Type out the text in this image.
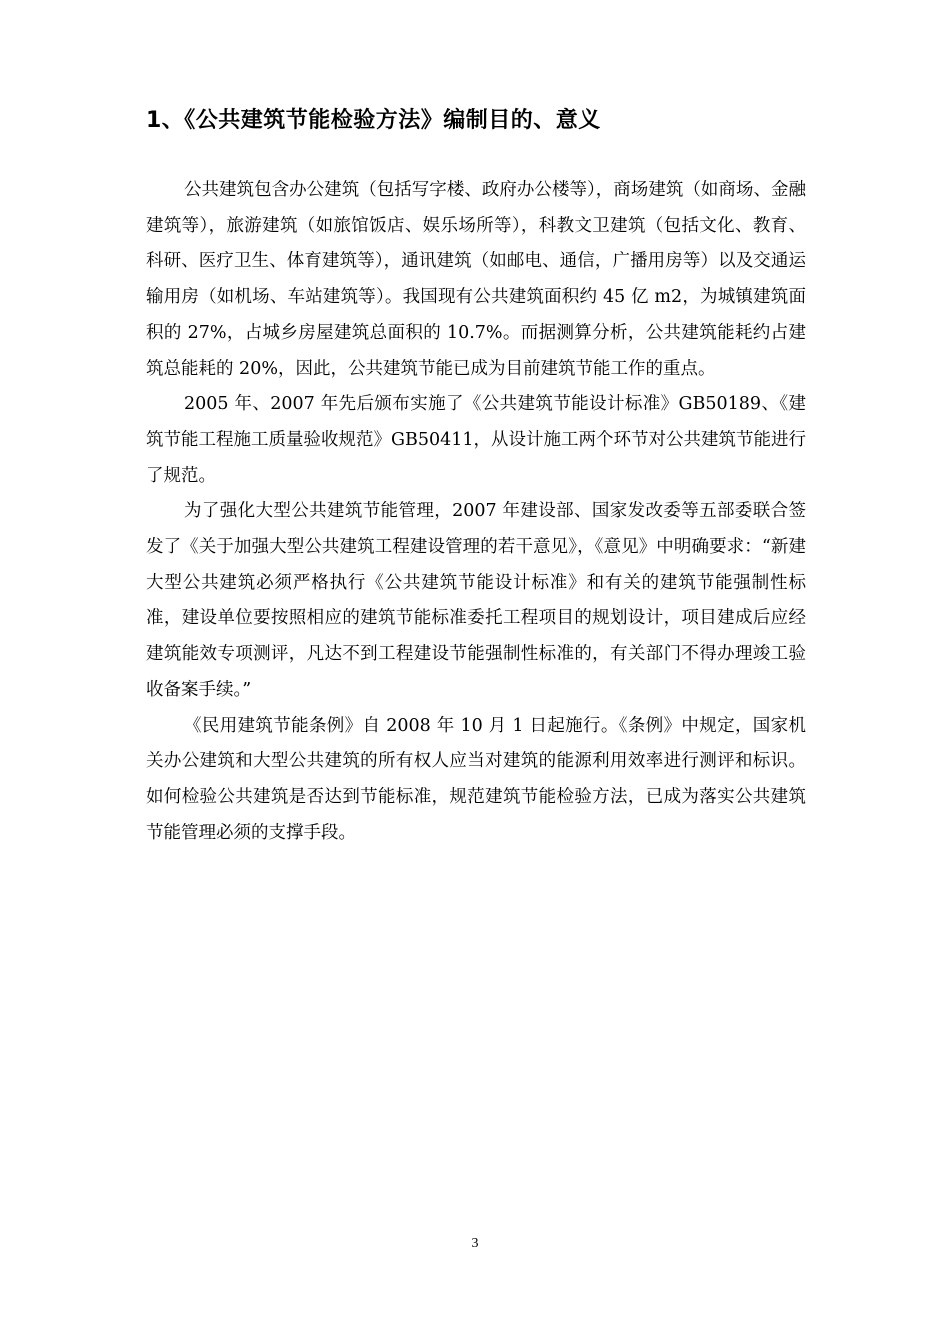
1、《公共建筑节能检验方法》编制目的、意义

公共建筑包含办公建筑（包括写字楼、政府办公楼等），商场建筑（如商场、金融建筑等），旅游建筑（如旅馆饭店、娱乐场所等），科教文卫建筑（包括文化、教育、科研、医疗卫生、体育建筑等），通讯建筑（如邮电、通信，广播用房等）以及交通运输用房（如机场、车站建筑等）。我国现有公共建筑面积约 45 亿 m2，为城镇建筑面积的 27%，占城乡房屋建筑总面积的 10.7%。而据测算分析，公共建筑能耗约占建筑总能耗的 20%，因此，公共建筑节能已成为目前建筑节能工作的重点。

2005 年、2007 年先后颁布实施了《公共建筑节能设计标准》GB50189、《建筑节能工程施工质量验收规范》GB50411，从设计施工两个环节对公共建筑节能进行了规范。

为了强化大型公共建筑节能管理，2007 年建设部、国家发改委等五部委联合签发了《关于加强大型公共建筑工程建设管理的若干意见》，《意见》中明确要求：“新建大型公共建筑必须严格执行《公共建筑节能设计标准》和有关的建筑节能强制性标准，建设单位要按照相应的建筑节能标准委托工程项目的规划设计，项目建成后应经建筑能效专项测评，凡达不到工程建设节能强制性标准的，有关部门不得办理竣工验收备案手续。”

《民用建筑节能条例》自 2008 年 10 月 1 日起施行。《条例》中规定，国家机关办公建筑和大型公共建筑的所有权人应当对建筑的能源利用效率进行测评和标识。如何检验公共建筑是否达到节能标准，规范建筑节能检验方法，已成为落实公共建筑节能管理必须的支撑手段。

3
